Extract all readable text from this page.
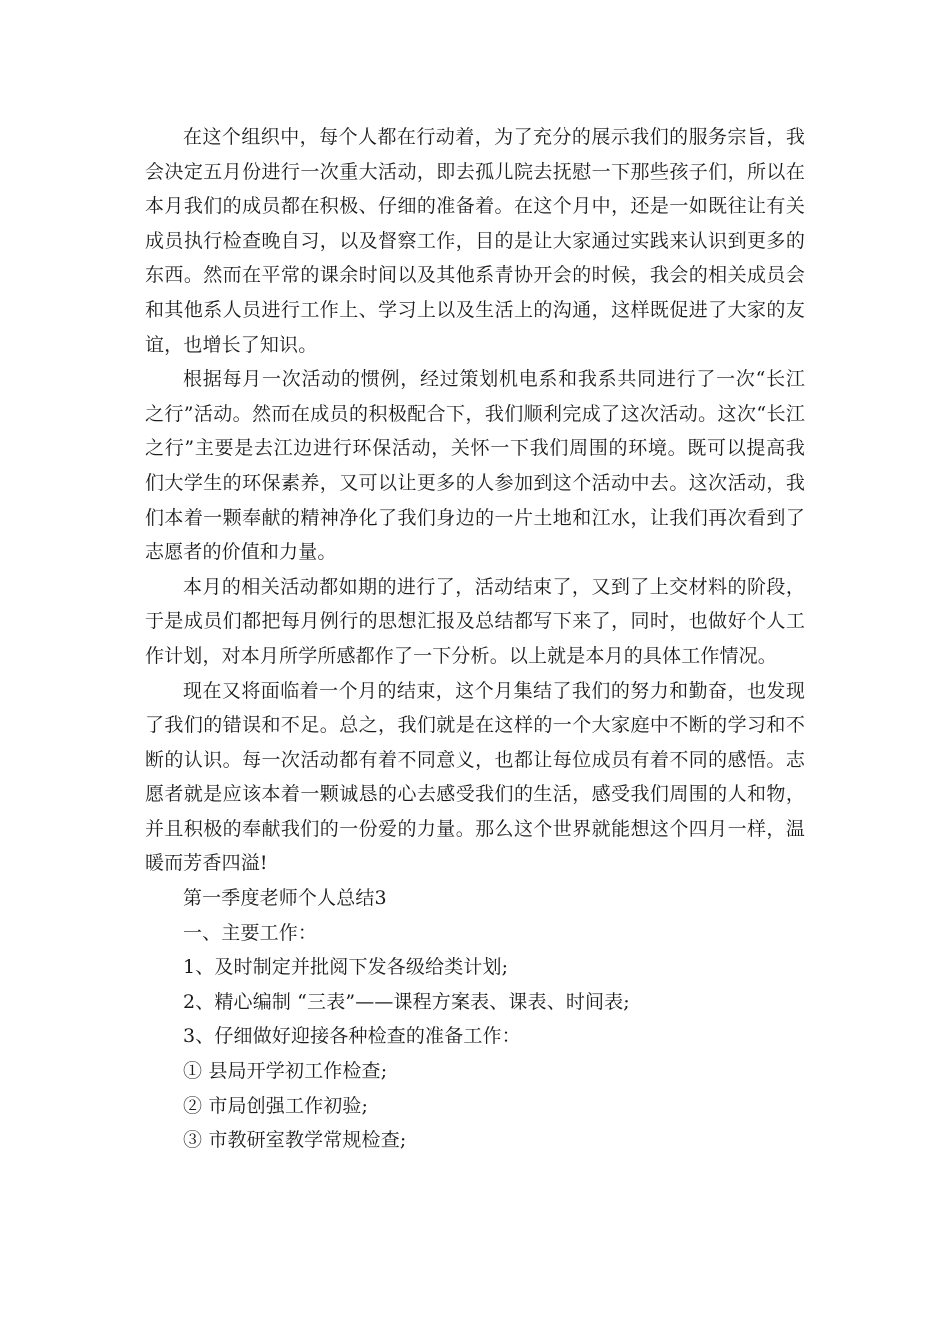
在这个组织中，每个人都在行动着，为了充分的展示我们的服务宗旨，我会决定五月份进行一次重大活动，即去孤儿院去抚慰一下那些孩子们，所以在本月我们的成员都在积极、仔细的准备着。在这个月中，还是一如既往让有关成员执行检查晚自习，以及督察工作，目的是让大家通过实践来认识到更多的东西。然而在平常的课余时间以及其他系青协开会的时候，我会的相关成员会和其他系人员进行工作上、学习上以及生活上的沟通，这样既促进了大家的友谊，也增长了知识。

根据每月一次活动的惯例，经过策划机电系和我系共同进行了一次“长江之行”活动。然而在成员的积极配合下，我们顺利完成了这次活动。这次“长江之行”主要是去江边进行环保活动，关怀一下我们周围的环境。既可以提高我们大学生的环保素养，又可以让更多的人参加到这个活动中去。这次活动，我们本着一颗奉献的精神净化了我们身边的一片土地和江水，让我们再次看到了志愿者的价值和力量。

本月的相关活动都如期的进行了，活动结束了，又到了上交材料的阶段，于是成员们都把每月例行的思想汇报及总结都写下来了，同时，也做好个人工作计划，对本月所学所感都作了一下分析。以上就是本月的具体工作情况。

现在又将面临着一个月的结束，这个月集结了我们的努力和勤奋，也发现了我们的错误和不足。总之，我们就是在这样的一个大家庭中不断的学习和不断的认识。每一次活动都有着不同意义，也都让每位成员有着不同的感悟。志愿者就是应该本着一颗诚恳的心去感受我们的生活，感受我们周围的人和物，并且积极的奉献我们的一份爱的力量。那么这个世界就能想这个四月一样，温暖而芳香四溢!

第一季度老师个人总结3

一、主要工作：

1、及时制定并批阅下发各级给类计划;

2、精心编制 “三表”——课程方案表、课表、时间表;

3、仔细做好迎接各种检查的准备工作：

① 县局开学初工作检查;

② 市局创强工作初验;

③ 市教研室教学常规检查;
